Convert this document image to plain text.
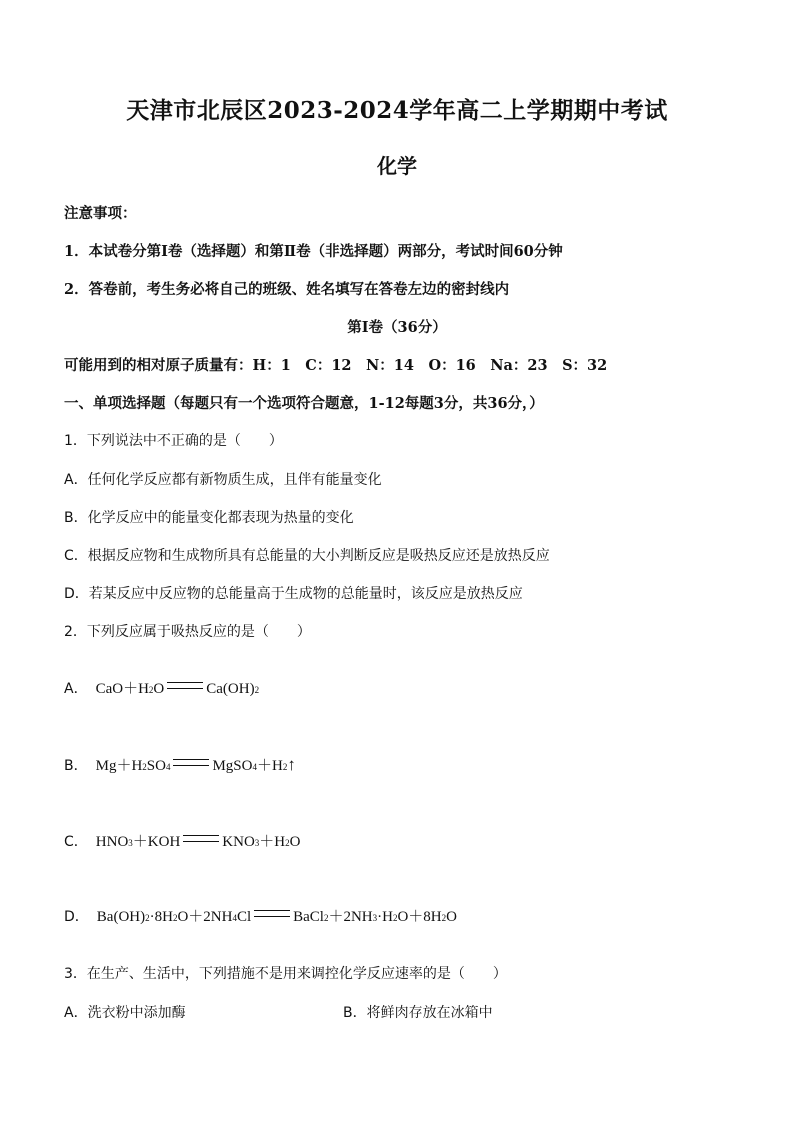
天津市北辰区2023-2024学年高二上学期期中考试
化学
注意事项：
1．本试卷分第Ⅰ卷（选择题）和第Ⅱ卷（非选择题）两部分，考试时间60分钟
2．答卷前，考生务必将自己的班级、姓名填写在答卷左边的密封线内
第Ⅰ卷（36分）
可能用到的相对原子质量有：H：1　C：12　N：14　O：16　Na：23　S：32
一、单项选择题（每题只有一个选项符合题意，1-12每题3分，共36分，）
1．下列说法中不正确的是（　　）
A．任何化学反应都有新物质生成，且伴有能量变化
B．化学反应中的能量变化都表现为热量的变化
C．根据反应物和生成物所具有总能量的大小判断反应是吸热反应还是放热反应
D．若某反应中反应物的总能量高于生成物的总能量时，该反应是放热反应
2．下列反应属于吸热反应的是（　　）
A． CaO＋H 2 O	Ca(OH) 2
B． Mg＋H 2 SO 4	MgSO 4 ＋H 2 ↑
C． HNO 3 ＋KOH	KNO 3 ＋H 2 O
D． Ba(OH) 2 ·8H 2 O＋2NH 4 Cl	BaCl 2 ＋2NH 3 ·H 2 O＋8H 2 O
3．在生产、生活中，下列措施不是用来调控化学反应速率的是（　　）
A．洗衣粉中添加酶	B．将鲜肉存放在冰箱中
